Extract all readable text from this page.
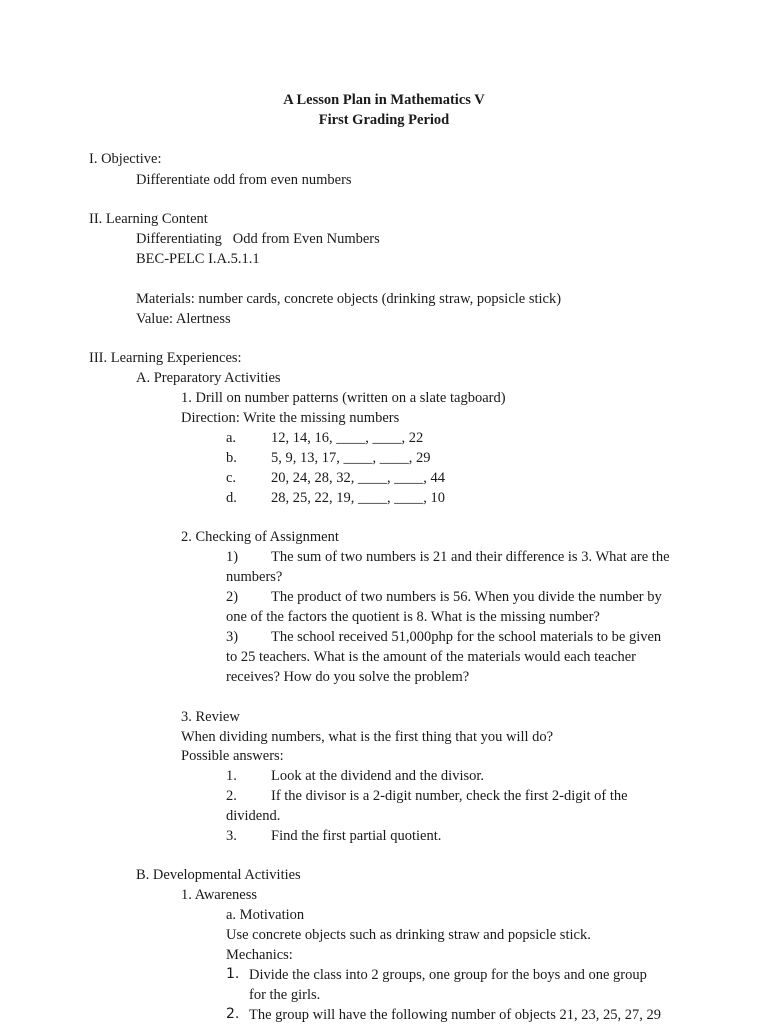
A Lesson Plan in Mathematics V
First Grading Period
I. Objective:
Differentiate odd from even numbers
II. Learning Content
Differentiating   Odd from Even Numbers
BEC-PELC I.A.5.1.1
Materials: number cards, concrete objects (drinking straw, popsicle stick)
Value: Alertness
III. Learning Experiences:
A. Preparatory Activities
1. Drill on number patterns (written on a slate tagboard)
Direction: Write the missing numbers
a. 12, 14, 16, ____, ____, 22
b. 5, 9, 13, 17, ____, ____, 29
c. 20, 24, 28, 32, ____, ____, 44
d. 28, 25, 22, 19, ____, ____, 10
2. Checking of Assignment
1) The sum of two numbers is 21 and their difference is 3. What are the
numbers?
2) The product of two numbers is 56. When you divide the number by
one of the factors the quotient is 8. What is the missing number?
3) The school received 51,000php for the school materials to be given
to 25 teachers. What is the amount of the materials would each teacher
receives? How do you solve the problem?
3. Review
When dividing numbers, what is the first thing that you will do?
Possible answers:
1. Look at the dividend and the divisor.
2. If the divisor is a 2-digit number, check the first 2-digit of the
dividend.
3. Find the first partial quotient.
B. Developmental Activities
1. Awareness
a. Motivation
Use concrete objects such as drinking straw and popsicle stick.
Mechanics:
1. Divide the class into 2 groups, one group for the boys and one group
for the girls.
2. The group will have the following number of objects 21, 23, 25, 27, 29
